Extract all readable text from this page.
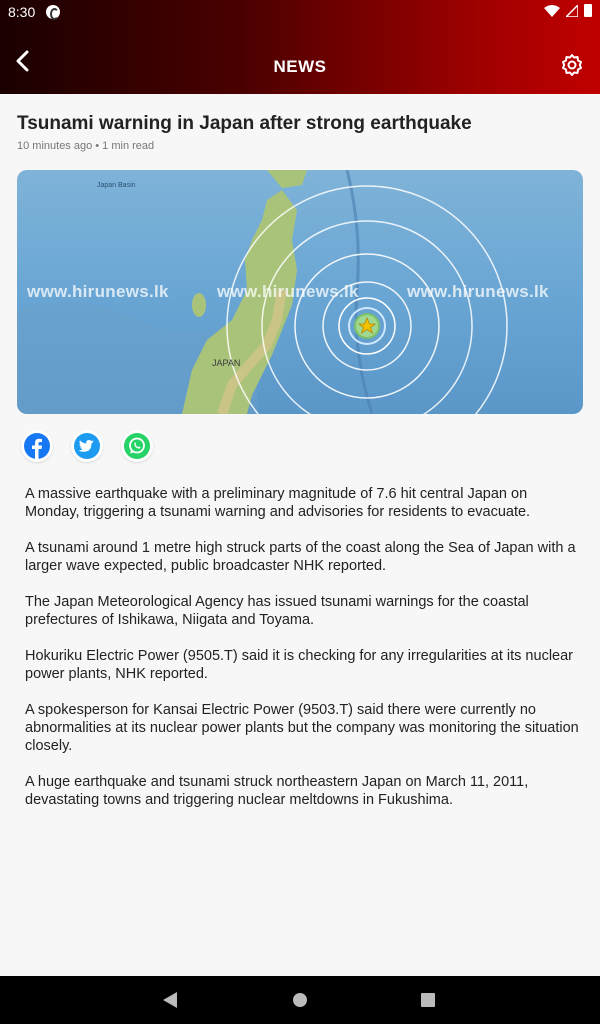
8:30
NEWS
Tsunami warning in Japan after strong earthquake
10 minutes ago • 1 min read
Japan Basin
JAPAN
www.hirunews.lk	www.hirunews.lk	www.hirunews.lk

A massive earthquake with a preliminary magnitude of 7.6 hit central Japan on Monday, triggering a tsunami warning and advisories for residents to evacuate.

A tsunami around 1 metre high struck parts of the coast along the Sea of Japan with a larger wave expected, public broadcaster NHK reported.

The Japan Meteorological Agency has issued tsunami warnings for the coastal prefectures of Ishikawa, Niigata and Toyama.

Hokuriku Electric Power (9505.T) said it is checking for any irregularities at its nuclear power plants, NHK reported.

A spokesperson for Kansai Electric Power (9503.T) said there were currently no abnormalities at its nuclear power plants but the company was monitoring the situation closely.

A huge earthquake and tsunami struck northeastern Japan on March 11, 2011, devastating towns and triggering nuclear meltdowns in Fukushima.
